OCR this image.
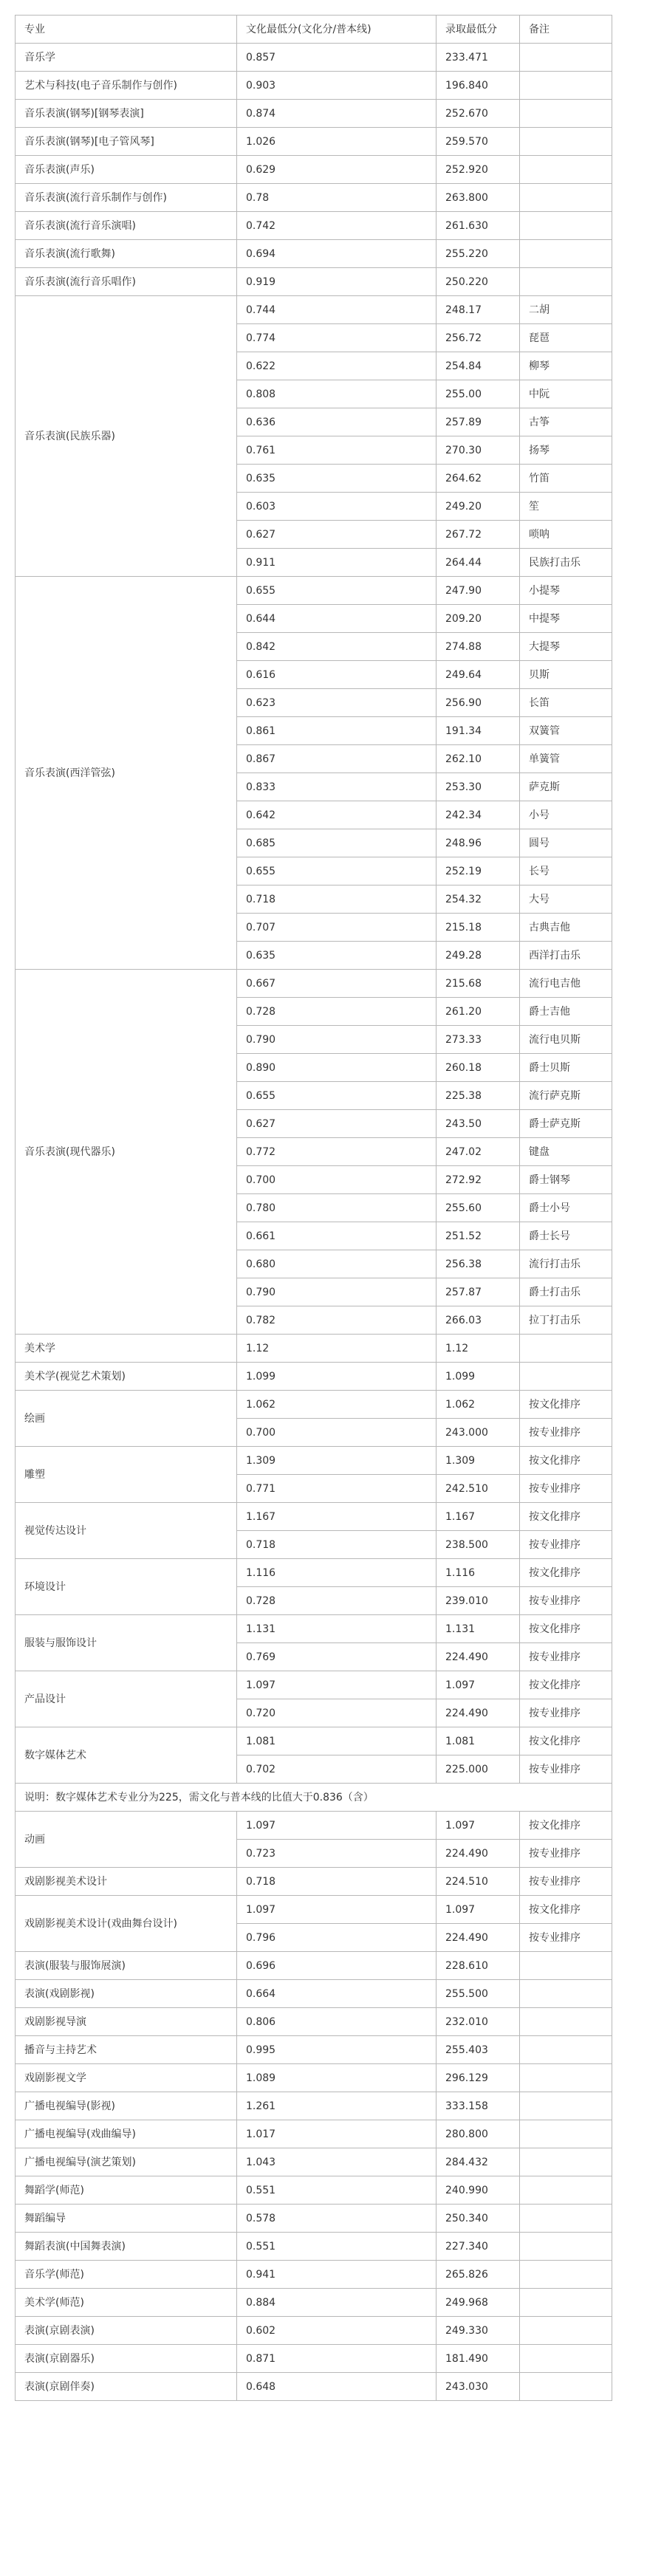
专业	文化最低分(文化分/普本线)	录取最低分	备注
音乐学	0.857	233.471	
艺术与科技(电子音乐制作与创作)	0.903	196.840	
音乐表演(钢琴)[钢琴表演]	0.874	252.670	
音乐表演(钢琴)[电子管风琴]	1.026	259.570	
音乐表演(声乐)	0.629	252.920	
音乐表演(流行音乐制作与创作)	0.78	263.800	
音乐表演(流行音乐演唱)	0.742	261.630	
音乐表演(流行歌舞)	0.694	255.220	
音乐表演(流行音乐唱作)	0.919	250.220	
音乐表演(民族乐器)	0.744	248.17	二胡
	0.774	256.72	琵琶
	0.622	254.84	柳琴
	0.808	255.00	中阮
	0.636	257.89	古筝
	0.761	270.30	扬琴
	0.635	264.62	竹笛
	0.603	249.20	笙
	0.627	267.72	唢呐
	0.911	264.44	民族打击乐
音乐表演(西洋管弦)	0.655	247.90	小提琴
	0.644	209.20	中提琴
	0.842	274.88	大提琴
	0.616	249.64	贝斯
	0.623	256.90	长笛
	0.861	191.34	双簧管
	0.867	262.10	单簧管
	0.833	253.30	萨克斯
	0.642	242.34	小号
	0.685	248.96	圆号
	0.655	252.19	长号
	0.718	254.32	大号
	0.707	215.18	古典吉他
	0.635	249.28	西洋打击乐
音乐表演(现代器乐)	0.667	215.68	流行电吉他
	0.728	261.20	爵士吉他
	0.790	273.33	流行电贝斯
	0.890	260.18	爵士贝斯
	0.655	225.38	流行萨克斯
	0.627	243.50	爵士萨克斯
	0.772	247.02	键盘
	0.700	272.92	爵士钢琴
	0.780	255.60	爵士小号
	0.661	251.52	爵士长号
	0.680	256.38	流行打击乐
	0.790	257.87	爵士打击乐
	0.782	266.03	拉丁打击乐
美术学	1.12	1.12	
美术学(视觉艺术策划)	1.099	1.099	
绘画	1.062	1.062	按文化排序
	0.700	243.000	按专业排序
雕塑	1.309	1.309	按文化排序
	0.771	242.510	按专业排序
视觉传达设计	1.167	1.167	按文化排序
	0.718	238.500	按专业排序
环境设计	1.116	1.116	按文化排序
	0.728	239.010	按专业排序
服装与服饰设计	1.131	1.131	按文化排序
	0.769	224.490	按专业排序
产品设计	1.097	1.097	按文化排序
	0.720	224.490	按专业排序
数字媒体艺术	1.081	1.081	按文化排序
	0.702	225.000	按专业排序
说明：数字媒体艺术专业分为225，需文化与普本线的比值大于0.836（含）			
动画	1.097	1.097	按文化排序
	0.723	224.490	按专业排序
戏剧影视美术设计	0.718	224.510	按专业排序
戏剧影视美术设计(戏曲舞台设计)	1.097	1.097	按文化排序
	0.796	224.490	按专业排序
表演(服装与服饰展演)	0.696	228.610	
表演(戏剧影视)	0.664	255.500	
戏剧影视导演	0.806	232.010	
播音与主持艺术	0.995	255.403	
戏剧影视文学	1.089	296.129	
广播电视编导(影视)	1.261	333.158	
广播电视编导(戏曲编导)	1.017	280.800	
广播电视编导(演艺策划)	1.043	284.432	
舞蹈学(师范)	0.551	240.990	
舞蹈编导	0.578	250.340	
舞蹈表演(中国舞表演)	0.551	227.340	
音乐学(师范)	0.941	265.826	
美术学(师范)	0.884	249.968	
表演(京剧表演)	0.602	249.330	
表演(京剧器乐)	0.871	181.490	
表演(京剧伴奏)	0.648	243.030	
